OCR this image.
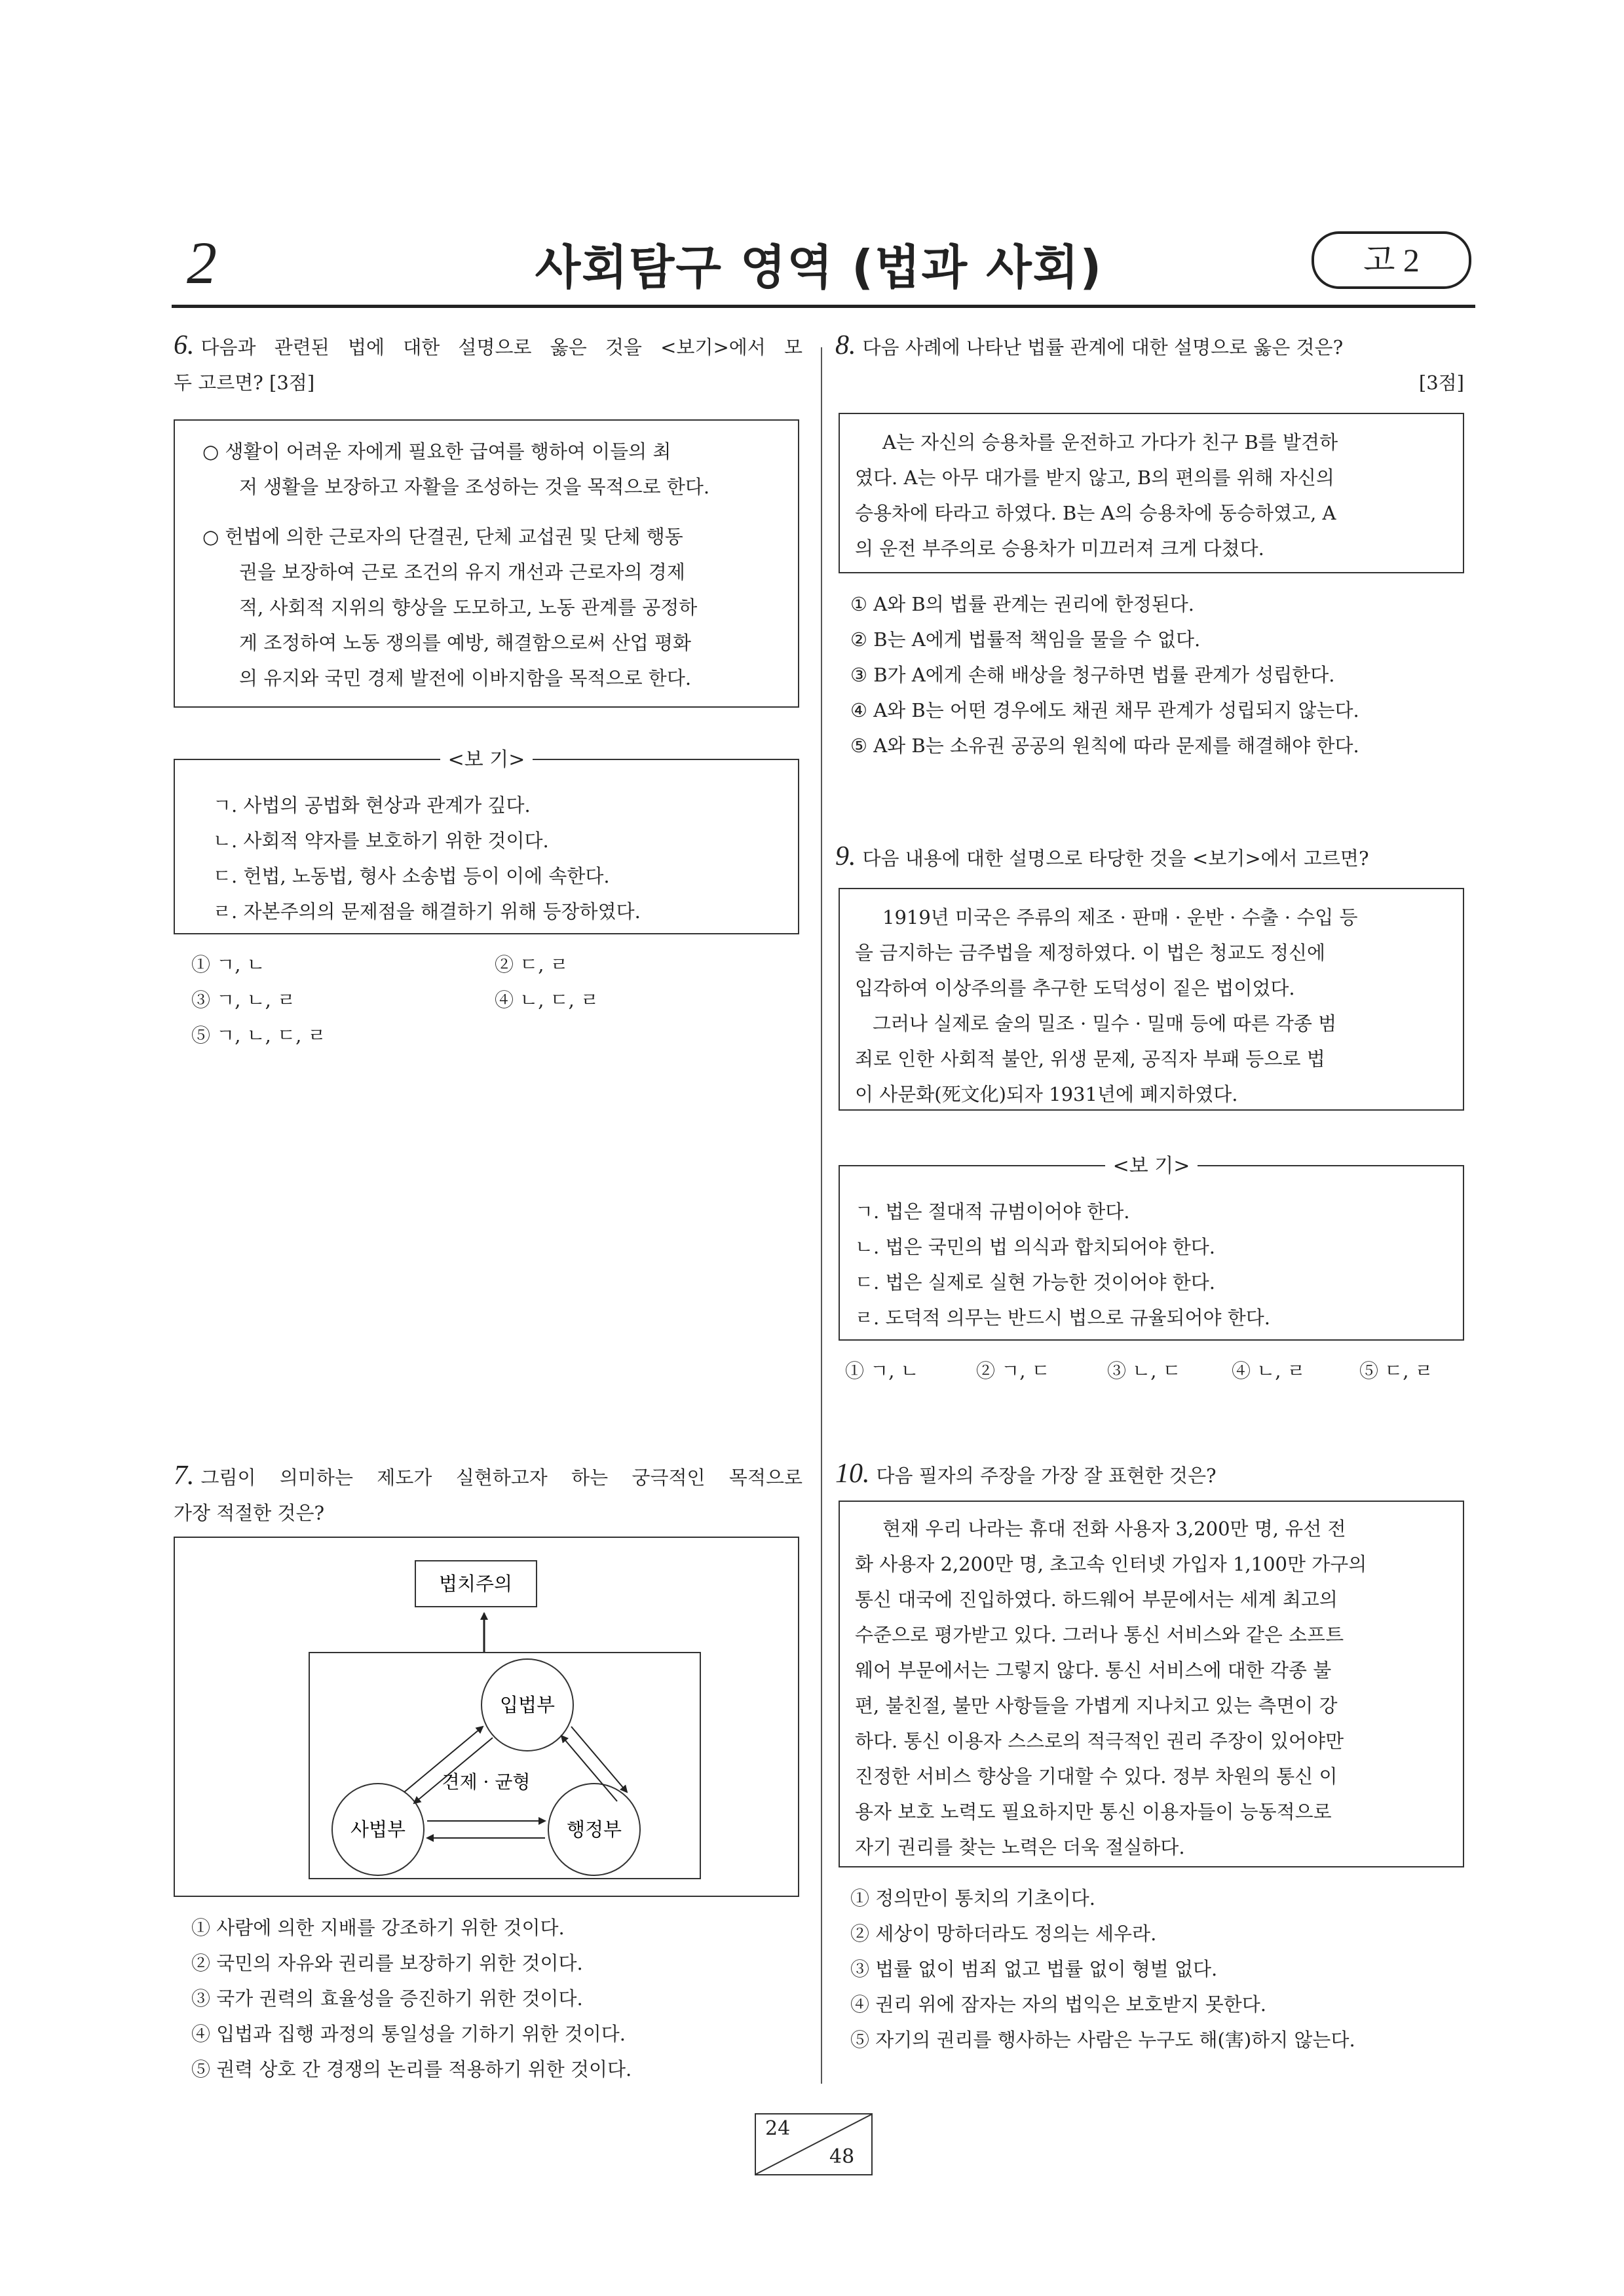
2	사회탐구 영역 (법과 사회)	고 2
6. 다음과 관련된 법에 대한 설명으로 옳은 것을 <보기>에서 모
두 고르면? [3점]
○ 생활이 어려운 자에게 필요한 급여를 행하여 이들의 최
저 생활을 보장하고 자활을 조성하는 것을 목적으로 한다.
○ 헌법에 의한 근로자의 단결권, 단체 교섭권 및 단체 행동
권을 보장하여 근로 조건의 유지 개선과 근로자의 경제
적, 사회적 지위의 향상을 도모하고, 노동 관계를 공정하
게 조정하여 노동 쟁의를 예방, 해결함으로써 산업 평화
의 유지와 국민 경제 발전에 이바지함을 목적으로 한다.
<보 기>
ㄱ. 사법의 공법화 현상과 관계가 깊다.
ㄴ. 사회적 약자를 보호하기 위한 것이다.
ㄷ. 헌법, 노동법, 형사 소송법 등이 이에 속한다.
ㄹ. 자본주의의 문제점을 해결하기 위해 등장하였다.
① ㄱ, ㄴ	② ㄷ, ㄹ
③ ㄱ, ㄴ, ㄹ	④ ㄴ, ㄷ, ㄹ
⑤ ㄱ, ㄴ, ㄷ, ㄹ
7. 그림이 의미하는 제도가 실현하고자 하는 궁극적인 목적으로
가장 적절한 것은?
법치주의
입법부
사법부	행정부
견제 · 균형
① 사람에 의한 지배를 강조하기 위한 것이다.
② 국민의 자유와 권리를 보장하기 위한 것이다.
③ 국가 권력의 효율성을 증진하기 위한 것이다.
④ 입법과 집행 과정의 통일성을 기하기 위한 것이다.
⑤ 권력 상호 간 경쟁의 논리를 적용하기 위한 것이다.
8. 다음 사례에 나타난 법률 관계에 대한 설명으로 옳은 것은?
[3점]
A는 자신의 승용차를 운전하고 가다가 친구 B를 발견하
였다. A는 아무 대가를 받지 않고, B의 편의를 위해 자신의
승용차에 타라고 하였다. B는 A의 승용차에 동승하였고, A
의 운전 부주의로 승용차가 미끄러져 크게 다쳤다.
① A와 B의 법률 관계는 권리에 한정된다.
② B는 A에게 법률적 책임을 물을 수 없다.
③ B가 A에게 손해 배상을 청구하면 법률 관계가 성립한다.
④ A와 B는 어떤 경우에도 채권 채무 관계가 성립되지 않는다.
⑤ A와 B는 소유권 공공의 원칙에 따라 문제를 해결해야 한다.
9. 다음 내용에 대한 설명으로 타당한 것을 <보기>에서 고르면?
1919년 미국은 주류의 제조 · 판매 · 운반 · 수출 · 수입 등
을 금지하는 금주법을 제정하였다. 이 법은 청교도 정신에
입각하여 이상주의를 추구한 도덕성이 짙은 법이었다.
그러나 실제로 술의 밀조 · 밀수 · 밀매 등에 따른 각종 범
죄로 인한 사회적 불안, 위생 문제, 공직자 부패 등으로 법
이 사문화(死文化)되자 1931년에 폐지하였다.
<보 기>
ㄱ. 법은 절대적 규범이어야 한다.
ㄴ. 법은 국민의 법 의식과 합치되어야 한다.
ㄷ. 법은 실제로 실현 가능한 것이어야 한다.
ㄹ. 도덕적 의무는 반드시 법으로 규율되어야 한다.
① ㄱ, ㄴ	② ㄱ, ㄷ	③ ㄴ, ㄷ	④ ㄴ, ㄹ	⑤ ㄷ, ㄹ
10. 다음 필자의 주장을 가장 잘 표현한 것은?
현재 우리 나라는 휴대 전화 사용자 3,200만 명, 유선 전
화 사용자 2,200만 명, 초고속 인터넷 가입자 1,100만 가구의
통신 대국에 진입하였다. 하드웨어 부문에서는 세계 최고의
수준으로 평가받고 있다. 그러나 통신 서비스와 같은 소프트
웨어 부문에서는 그렇지 않다. 통신 서비스에 대한 각종 불
편, 불친절, 불만 사항들을 가볍게 지나치고 있는 측면이 강
하다. 통신 이용자 스스로의 적극적인 권리 주장이 있어야만
진정한 서비스 향상을 기대할 수 있다. 정부 차원의 통신 이
용자 보호 노력도 필요하지만 통신 이용자들이 능동적으로
자기 권리를 찾는 노력은 더욱 절실하다.
① 정의만이 통치의 기초이다.
② 세상이 망하더라도 정의는 세우라.
③ 법률 없이 범죄 없고 법률 없이 형벌 없다.
④ 권리 위에 잠자는 자의 법익은 보호받지 못한다.
⑤ 자기의 권리를 행사하는 사람은 누구도 해(害)하지 않는다.
24
48
